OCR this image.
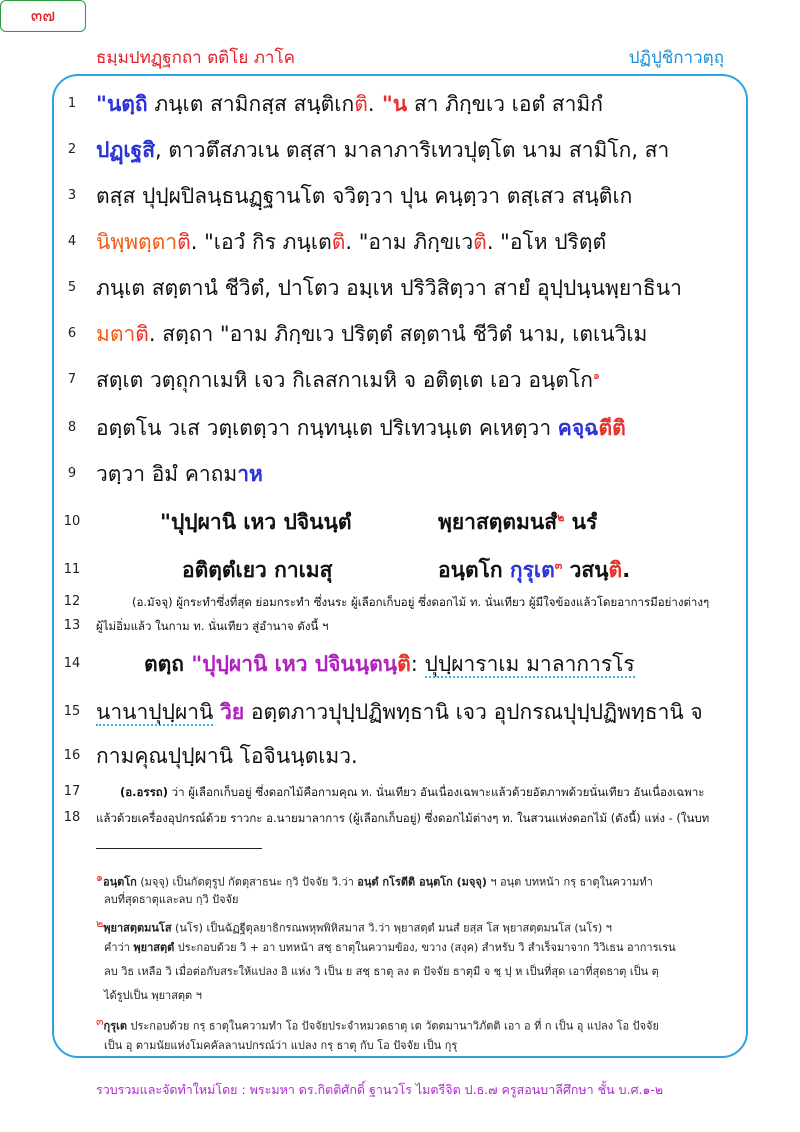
ธมฺมปทฏฺฐกถา ตติโย ภาโค
๓๗
ปฏิปูชิกาวตฺถุ
1
2
3
4
5
6
7
8
9
10
11
12
13
14
15
16
17
18
"นตฺถิ ภนฺเต สามิกสฺส สนฺติเกติ. "น สา ภิกฺขเว เอตํ สามิกํ
ปฏฺเฐสิ, ตาวตึสภวเน ตสฺสา มาลาภาริเทวปุตฺโต นาม สามิโก, สา
ตสฺส ปุปฺผปิลนฺธนฏฺฐานโต จวิตฺวา ปุน คนฺตฺวา ตสฺเสว สนฺติเก
นิพฺพตฺตาติ. "เอวํ กิร ภนฺเตติ. "อาม ภิกฺขเวติ. "อโห ปริตฺตํ
ภนฺเต สตฺตานํ ชีวิตํ, ปาโตว อมฺเห ปริวิสิตฺวา สายํ อุปฺปนฺนพฺยาธินา
มตาติ. สตฺถา "อาม ภิกฺขเว ปริตฺตํ สตฺตานํ ชีวิตํ นาม, เตเนวิเม
สตฺเต วตฺถุกาเมหิ เจว กิเลสกาเมหิ จ อติตฺเต เอว อนฺตโก$^๑$
อตฺตโน วเส วตฺเตตฺวา กนฺทนฺเต ปริเทวนฺเต คเหตฺวา คจฺฉตีติ
วตฺวา อิมํ คาถมาห
"ปุปฺผานิ เหว ปจินนฺตํ	พฺยาสตฺตมนสํ$^๒$ นรํ
อติตฺตํเยว กาเมสุ	อนฺตโก กุรุเต$^๓$ วสนฺติ.
(อ.มัจจุ) ผู้กระทำซึ่งที่สุด ย่อมกระทำ ซึ่งนระ ผู้เลือกเก็บอยู่ ซึ่งดอกไม้ ท. นั่นเทียว ผู้มีใจข้องแล้วโดยอาการมีอย่างต่างๆ
ผู้ไม่อิ่มแล้ว ในกาม ท. นั่นเทียว สู่อำนาจ ดังนี้ ฯ
ตตฺถ "ปุปฺผานิ เหว ปจินนฺตนฺติ: ปุปฺผาราเม มาลาการโร
นานาปุปฺผานิ วิย อตฺตภาวปุปฺปฏิพทฺธานิ เจว อุปกรณปุปฺปฏิพทฺธานิ จ
กามคุณปุปฺผานิ โอจินนฺตเมว.
(อ.อรรถ) ว่า ผู้เลือกเก็บอยู่ ซึ่งดอกไม้คือกามคุณ ท. นั่นเทียว อันเนื่องเฉพาะแล้วด้วยอัตภาพด้วยนั่นเทียว อันเนื่องเฉพาะ
แล้วด้วยเครื่องอุปกรณ์ด้วย ราวกะ อ.นายมาลาการ (ผู้เลือกเก็บอยู่) ซึ่งดอกไม้ต่างๆ ท. ในสวนแห่งดอกไม้ (ดังนี้) แห่ง - (ในบท
๑อนฺตโก (มจฺจุ) เป็นกัตตุรูป กัตตุสาธนะ กฺวิ ปัจจัย วิ.ว่า อนฺตํ กโรตีติ อนฺตโก (มจฺจุ) ฯ อนฺต บทหน้า กรฺ ธาตุในความทำ
ลบที่สุดธาตุและลบ กฺวิ ปัจจัย
๒พฺยาสตฺตมนโส (นโร) เป็นฉัฏฐีตุลยาธิกรณพหุพพิหิสมาส วิ.ว่า พฺยาสตฺตํ มนสํ ยสฺส โส พฺยาสตฺตมนโส (นโร) ฯ
คำว่า พฺยาสตฺตํ ประกอบด้วย วิ + อา บทหน้า สชฺ ธาตุในความข้อง, ขวาง (สงฺค) สำหรับ วิ สำเร็จมาจาก วิวิเธน อาการเรน
ลบ วิธ เหลือ วิ เมื่อต่อกับสระให้แปลง อิ แห่ง วิ เป็น ย สชฺ ธาตุ ลง ต ปัจจัย ธาตุมี จ ชฺ ปฺ ห เป็นที่สุด เอาที่สุดธาตุ เป็น ตฺ
ได้รูปเป็น พฺยาสตฺต ฯ
๓กุรุเต ประกอบด้วย กรฺ ธาตุในความทำ โอ ปัจจัยประจำหมวดธาตุ เต วัตตมานาวิภัตติ เอา อ ที่ ก เป็น อุ แปลง โอ ปัจจัย
เป็น อุ ตามนัยแห่งโมคคัลลานปกรณ์ว่า แปลง กรฺ ธาตุ กับ โอ ปัจจัย เป็น กุรุ
รวบรวมและจัดทำใหม่โดย : พระมหา ดร.กิตติศักดิ์ ฐานวโร ไมตรีจิต ป.ธ.๗ ครูสอนบาลีศึกษา ชั้น บ.ศ.๑-๒
